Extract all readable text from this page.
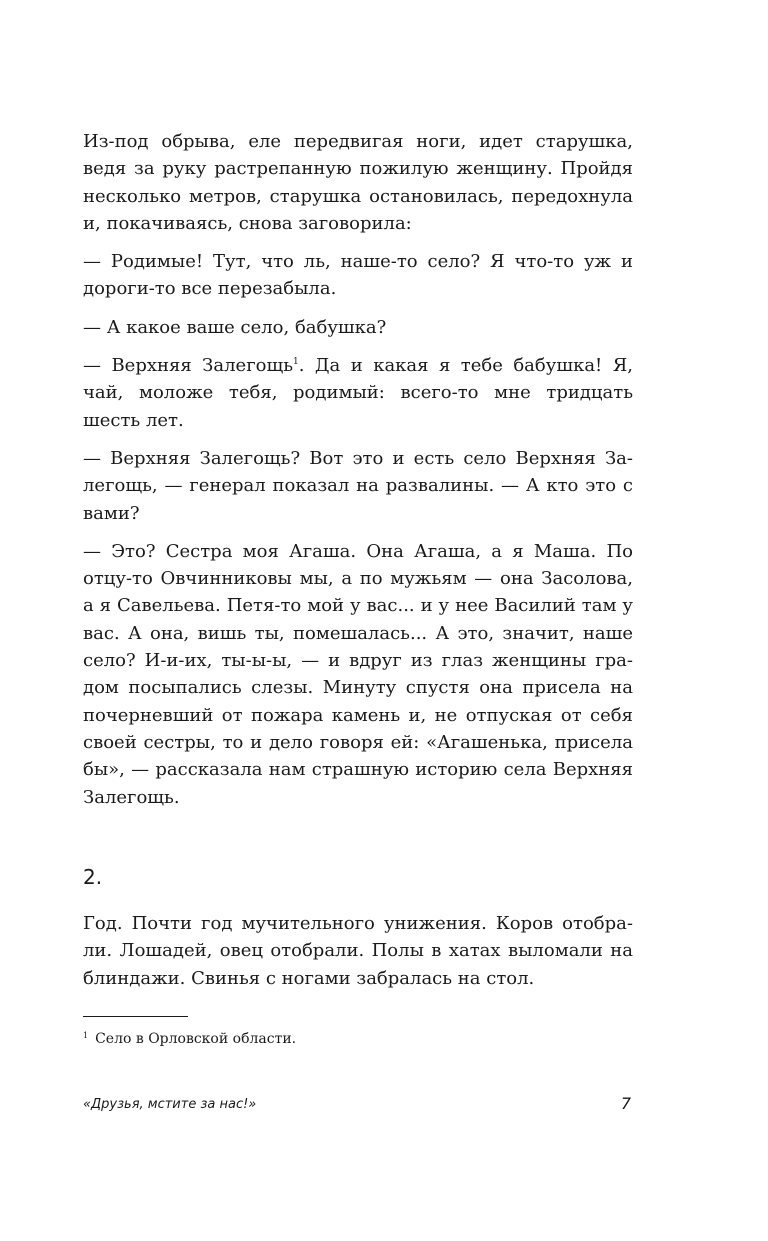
Из-под обрыва, еле передвигая ноги, идет старушка, ведя за руку растрепанную пожилую женщину. Пройдя несколько метров, старушка остановилась, передохнула и, покачиваясь, снова заговорила:

— Родимые! Тут, что ль, наше-то село? Я что-то уж и дороги-то все перезабыла.

— А какое ваше село, бабушка?

— Верхняя Залегощь$^1$. Да и какая я тебе бабушка! Я, чай, моложе тебя, родимый: всего-то мне тридцать шесть лет.

— Верхняя Залегощь? Вот это и есть село Верхняя Залегощь, — генерал показал на развалины. — А кто это с вами?

— Это? Сестра моя Агаша. Она Агаша, а я Маша. По отцу-то Овчинниковы мы, а по мужьям — она Засолова, а я Савельева. Петя-то мой у вас... и у нее Василий там у вас. А она, вишь ты, помешалась... А это, значит, наше село? И-и-их, ты-ы-ы, — и вдруг из глаз женщины градом посыпались слезы. Минуту спустя она присела на почерневший от пожара камень и, не отпуская от себя своей сестры, то и дело говоря ей: «Агашенька, присела бы», — рассказала нам страшную историю села Верхняя Залегощь.

2.

Год. Почти год мучительного унижения. Коров отобрали. Лошадей, овец отобрали. Полы в хатах выломали на блиндажи. Свинья с ногами забралась на стол.

$^1$ Село в Орловской области.

«Друзья, мстите за нас!»	7
